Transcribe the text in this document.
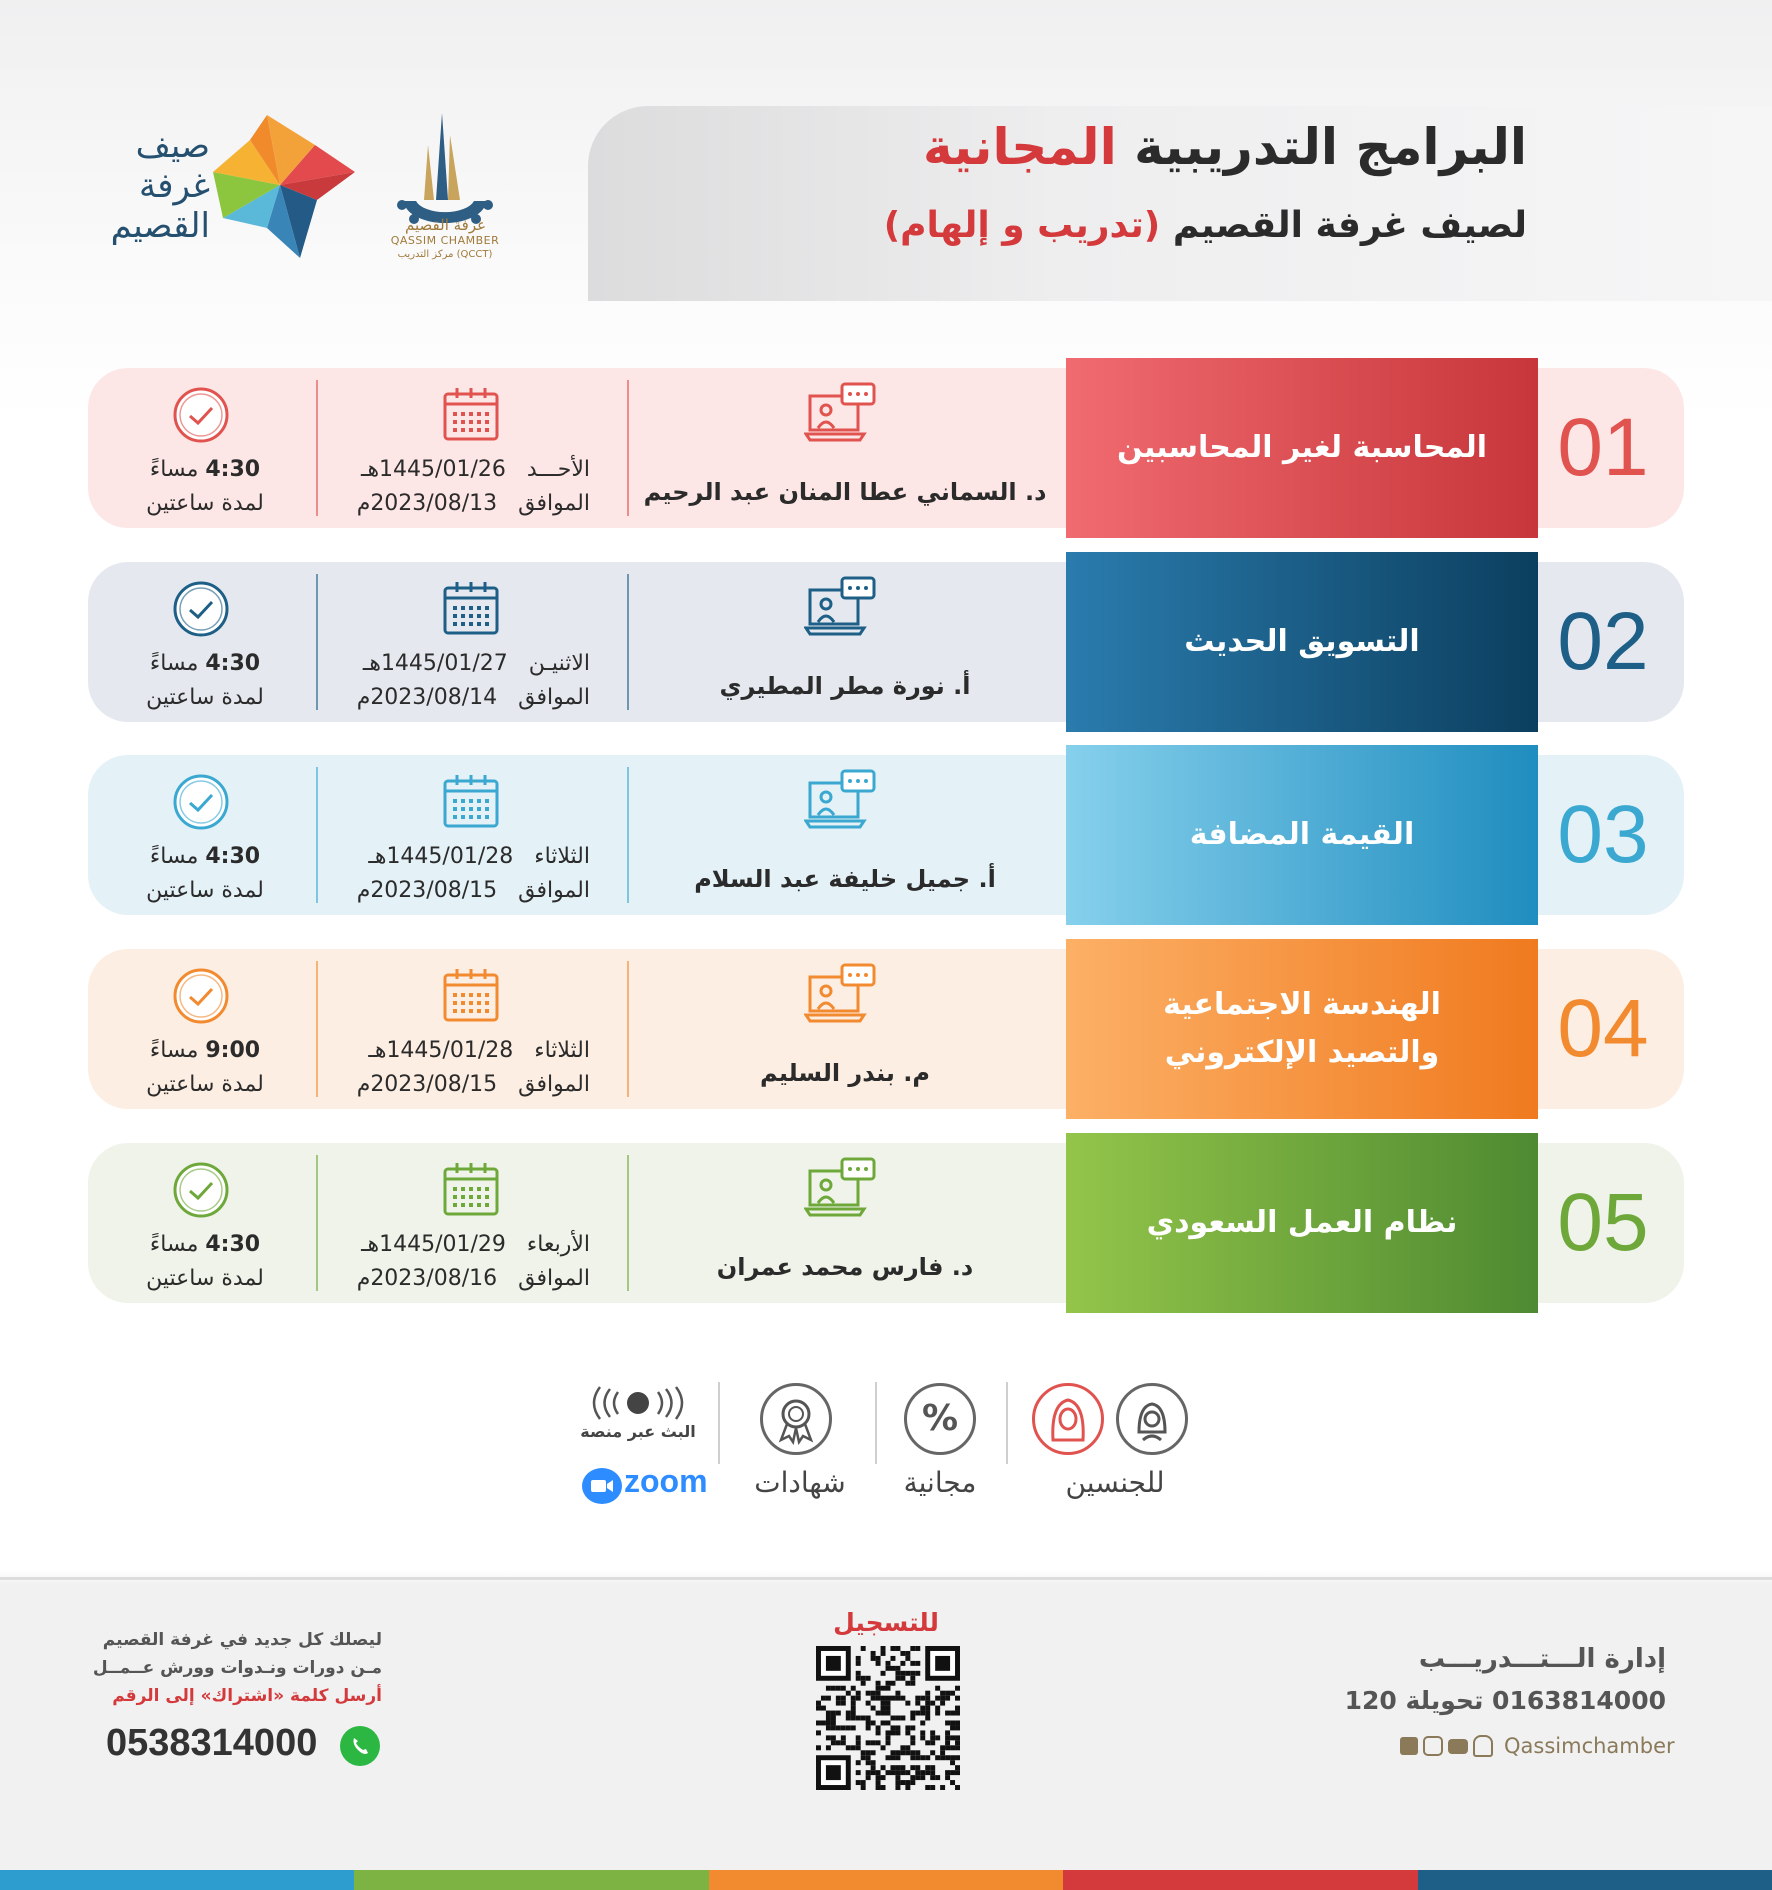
البرامج التدريبية المجانية
لصيف غرفة القصيم (تدريب و إلهام)
غرفة القصيم
QASSIM CHAMBER
مركز التدريب (QCCT)
صيف
غرفة
القصيم
المحاسبة لغير المحاسبين 01
د. السماني عطا المنان عبد الرحيم
الأحـــد   1445/01/26هـ
الموافق   2023/08/13م
4:30 مساءً
لمدة ساعتين
التسويق الحديث 02
أ. نورة مطر المطيري
الاثنيـن   1445/01/27هـ
الموافق   2023/08/14م
4:30 مساءً
لمدة ساعتين
القيمة المضافة 03
أ. جميل خليفة عبد السلام
الثلاثاء   1445/01/28هـ
الموافق   2023/08/15م
4:30 مساءً
لمدة ساعتين
الهندسة الاجتماعية
والتصيد الإلكتروني 04
م. بندر السليم
الثلاثاء   1445/01/28هـ
الموافق   2023/08/15م
9:00 مساءً
لمدة ساعتين
نظام العمل السعودي 05
د. فارس محمد عمران
الأربعاء   1445/01/29هـ
الموافق   2023/08/16م
4:30 مساءً
لمدة ساعتين
للجنسين
%
مجانية
شهادات
البث عبر منصة
zoom
إدارة الـــتـــدريـــب
0163814000 تحويلة 120
Qassimchamber
للتسجيل
ليصلك كل جديد في غرفة القصيم
مـن دورات ونـدوات وورش عــمــل
أرسل كلمة «اشتراك» إلى الرقم
0538314000
